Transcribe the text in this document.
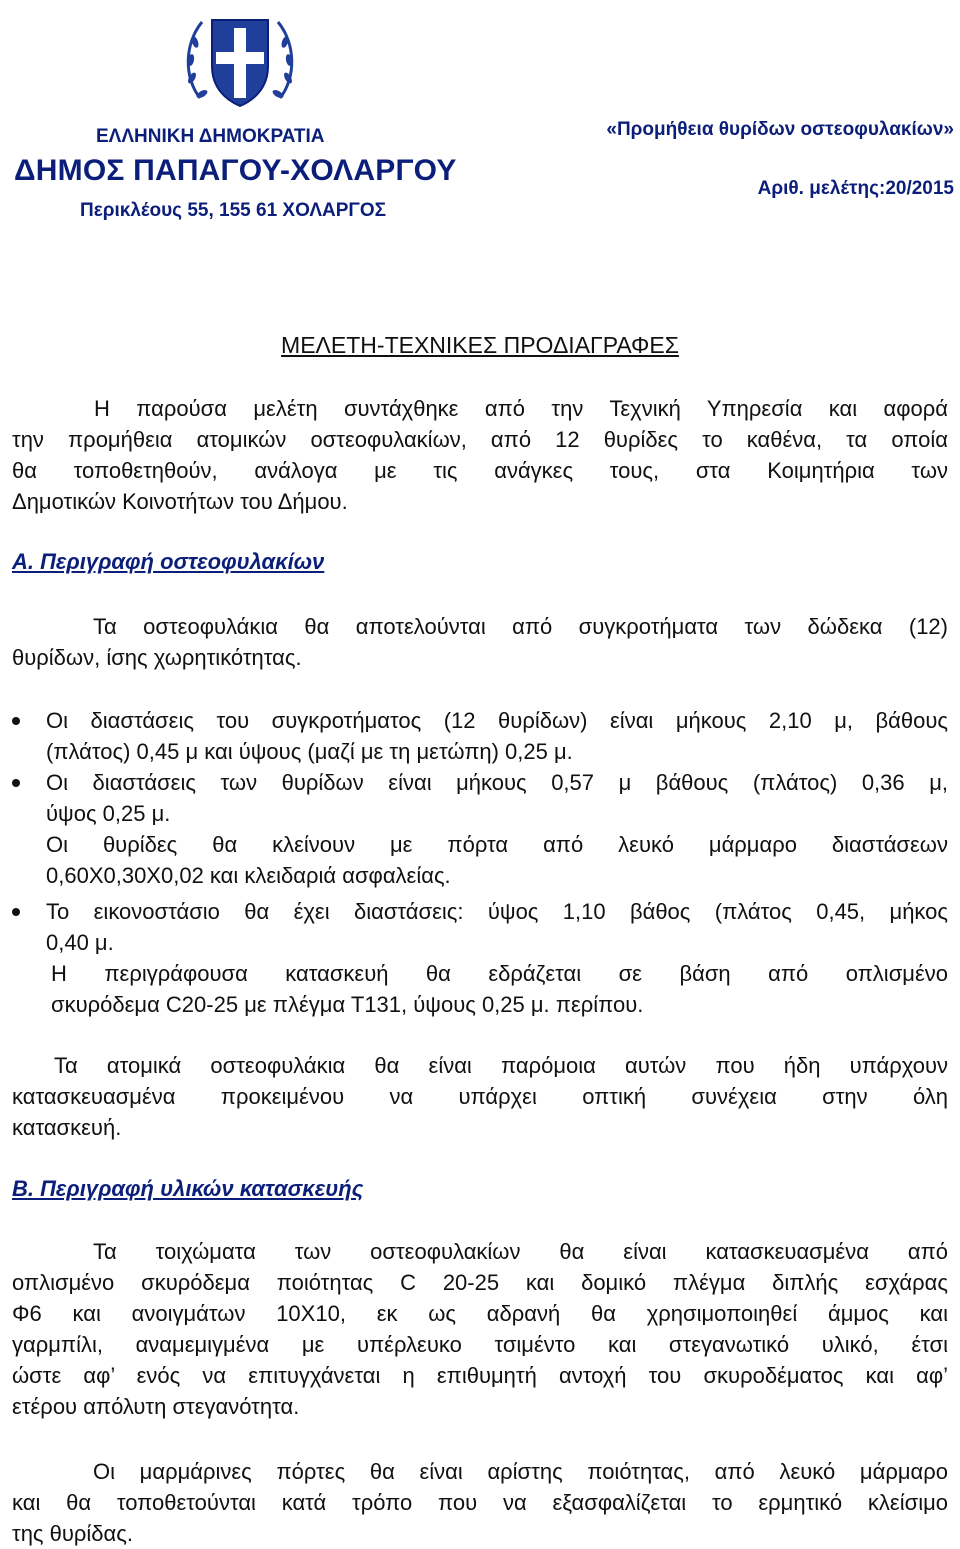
ΕΛΛΗΝΙΚΗ ΔΗΜΟΚΡΑΤΙΑ
ΔΗΜΟΣ ΠΑΠΑΓΟΥ-ΧΟΛΑΡΓΟΥ
Περικλέους 55, 155 61 ΧΟΛΑΡΓΟΣ
«Προμήθεια θυρίδων οστεοφυλακίων»
Αριθ. μελέτης:20/2015
ΜΕΛΕΤΗ-ΤΕΧΝΙΚΕΣ ΠΡΟΔΙΑΓΡΑΦΕΣ
Η παρούσα μελέτη συντάχθηκε από την Τεχνική Υπηρεσία και αφορά
την προμήθεια ατομικών οστεοφυλακίων, από 12 θυρίδες το καθένα, τα οποία
θα τοποθετηθούν, ανάλογα με τις ανάγκες τους, στα Κοιμητήρια των
Δημοτικών Κοινοτήτων του Δήμου.
Α. Περιγραφή οστεοφυλακίων
Τα οστεοφυλάκια θα αποτελούνται από συγκροτήματα των δώδεκα (12)
θυρίδων, ίσης χωρητικότητας.
Οι διαστάσεις του συγκροτήματος (12 θυρίδων) είναι μήκους 2,10 μ, βάθους
(πλάτος) 0,45 μ και ύψους (μαζί με τη μετώπη) 0,25 μ.
Οι διαστάσεις των θυρίδων είναι μήκους 0,57 μ βάθους (πλάτος) 0,36 μ,
ύψος 0,25 μ.
Οι θυρίδες θα κλείνουν με πόρτα από λευκό μάρμαρο διαστάσεων
0,60Χ0,30Χ0,02 και κλειδαριά ασφαλείας.
Το εικονοστάσιο θα έχει διαστάσεις: ύψος 1,10 βάθος (πλάτος 0,45, μήκος
0,40 μ.
Η περιγράφουσα κατασκευή θα εδράζεται σε βάση από οπλισμένο
σκυρόδεμα C20-25 με πλέγμα Τ131, ύψους 0,25 μ. περίπου.
Τα ατομικά οστεοφυλάκια θα είναι παρόμοια αυτών που ήδη υπάρχουν
κατασκευασμένα προκειμένου να υπάρχει οπτική συνέχεια στην όλη
κατασκευή.
Β. Περιγραφή υλικών κατασκευής
Τα τοιχώματα των οστεοφυλακίων θα είναι κατασκευασμένα από
οπλισμένο σκυρόδεμα ποιότητας C 20-25 και δομικό πλέγμα διπλής εσχάρας
Φ6 και ανοιγμάτων 10Χ10, εκ ως αδρανή θα χρησιμοποιηθεί άμμος και
γαρμπίλι, αναμεμιγμένα με υπέρλευκο τσιμέντο και στεγανωτικό υλικό, έτσι
ώστε αφ’ ενός να επιτυγχάνεται η επιθυμητή αντοχή του σκυροδέματος και αφ’
ετέρου απόλυτη στεγανότητα.
Οι μαρμάρινες πόρτες θα είναι αρίστης ποιότητας, από λευκό μάρμαρο
και θα τοποθετούνται κατά τρόπο που να εξασφαλίζεται το ερμητικό κλείσιμο
της θυρίδας.
